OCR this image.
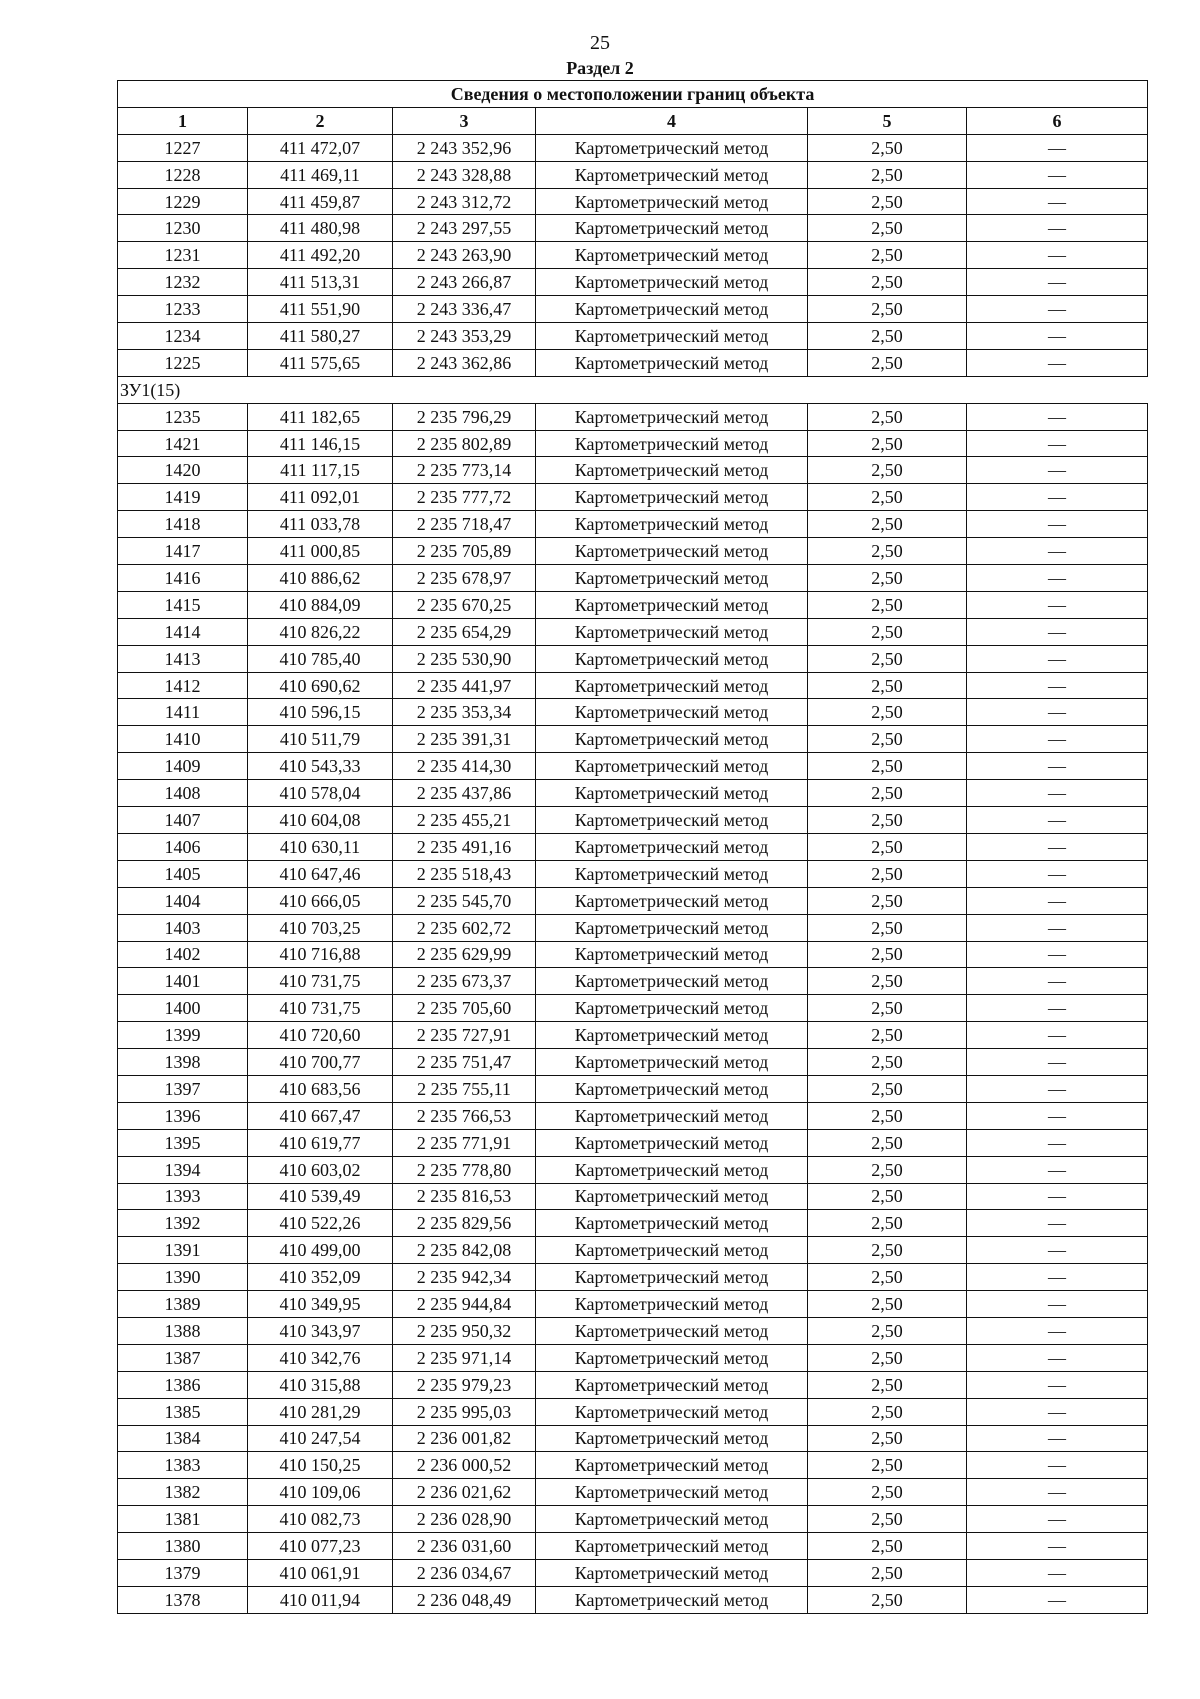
25
Раздел 2
Сведения о местоположении границ объекта					
1	2	3	4	5	6
1227	411 472,07	2 243 352,96	Картометрический метод	2,50	—
1228	411 469,11	2 243 328,88	Картометрический метод	2,50	—
1229	411 459,87	2 243 312,72	Картометрический метод	2,50	—
1230	411 480,98	2 243 297,55	Картометрический метод	2,50	—
1231	411 492,20	2 243 263,90	Картометрический метод	2,50	—
1232	411 513,31	2 243 266,87	Картометрический метод	2,50	—
1233	411 551,90	2 243 336,47	Картометрический метод	2,50	—
1234	411 580,27	2 243 353,29	Картометрический метод	2,50	—
1225	411 575,65	2 243 362,86	Картометрический метод	2,50	—
ЗУ1(15)					
1235	411 182,65	2 235 796,29	Картометрический метод	2,50	—
1421	411 146,15	2 235 802,89	Картометрический метод	2,50	—
1420	411 117,15	2 235 773,14	Картометрический метод	2,50	—
1419	411 092,01	2 235 777,72	Картометрический метод	2,50	—
1418	411 033,78	2 235 718,47	Картометрический метод	2,50	—
1417	411 000,85	2 235 705,89	Картометрический метод	2,50	—
1416	410 886,62	2 235 678,97	Картометрический метод	2,50	—
1415	410 884,09	2 235 670,25	Картометрический метод	2,50	—
1414	410 826,22	2 235 654,29	Картометрический метод	2,50	—
1413	410 785,40	2 235 530,90	Картометрический метод	2,50	—
1412	410 690,62	2 235 441,97	Картометрический метод	2,50	—
1411	410 596,15	2 235 353,34	Картометрический метод	2,50	—
1410	410 511,79	2 235 391,31	Картометрический метод	2,50	—
1409	410 543,33	2 235 414,30	Картометрический метод	2,50	—
1408	410 578,04	2 235 437,86	Картометрический метод	2,50	—
1407	410 604,08	2 235 455,21	Картометрический метод	2,50	—
1406	410 630,11	2 235 491,16	Картометрический метод	2,50	—
1405	410 647,46	2 235 518,43	Картометрический метод	2,50	—
1404	410 666,05	2 235 545,70	Картометрический метод	2,50	—
1403	410 703,25	2 235 602,72	Картометрический метод	2,50	—
1402	410 716,88	2 235 629,99	Картометрический метод	2,50	—
1401	410 731,75	2 235 673,37	Картометрический метод	2,50	—
1400	410 731,75	2 235 705,60	Картометрический метод	2,50	—
1399	410 720,60	2 235 727,91	Картометрический метод	2,50	—
1398	410 700,77	2 235 751,47	Картометрический метод	2,50	—
1397	410 683,56	2 235 755,11	Картометрический метод	2,50	—
1396	410 667,47	2 235 766,53	Картометрический метод	2,50	—
1395	410 619,77	2 235 771,91	Картометрический метод	2,50	—
1394	410 603,02	2 235 778,80	Картометрический метод	2,50	—
1393	410 539,49	2 235 816,53	Картометрический метод	2,50	—
1392	410 522,26	2 235 829,56	Картометрический метод	2,50	—
1391	410 499,00	2 235 842,08	Картометрический метод	2,50	—
1390	410 352,09	2 235 942,34	Картометрический метод	2,50	—
1389	410 349,95	2 235 944,84	Картометрический метод	2,50	—
1388	410 343,97	2 235 950,32	Картометрический метод	2,50	—
1387	410 342,76	2 235 971,14	Картометрический метод	2,50	—
1386	410 315,88	2 235 979,23	Картометрический метод	2,50	—
1385	410 281,29	2 235 995,03	Картометрический метод	2,50	—
1384	410 247,54	2 236 001,82	Картометрический метод	2,50	—
1383	410 150,25	2 236 000,52	Картометрический метод	2,50	—
1382	410 109,06	2 236 021,62	Картометрический метод	2,50	—
1381	410 082,73	2 236 028,90	Картометрический метод	2,50	—
1380	410 077,23	2 236 031,60	Картометрический метод	2,50	—
1379	410 061,91	2 236 034,67	Картометрический метод	2,50	—
1378	410 011,94	2 236 048,49	Картометрический метод	2,50	—
